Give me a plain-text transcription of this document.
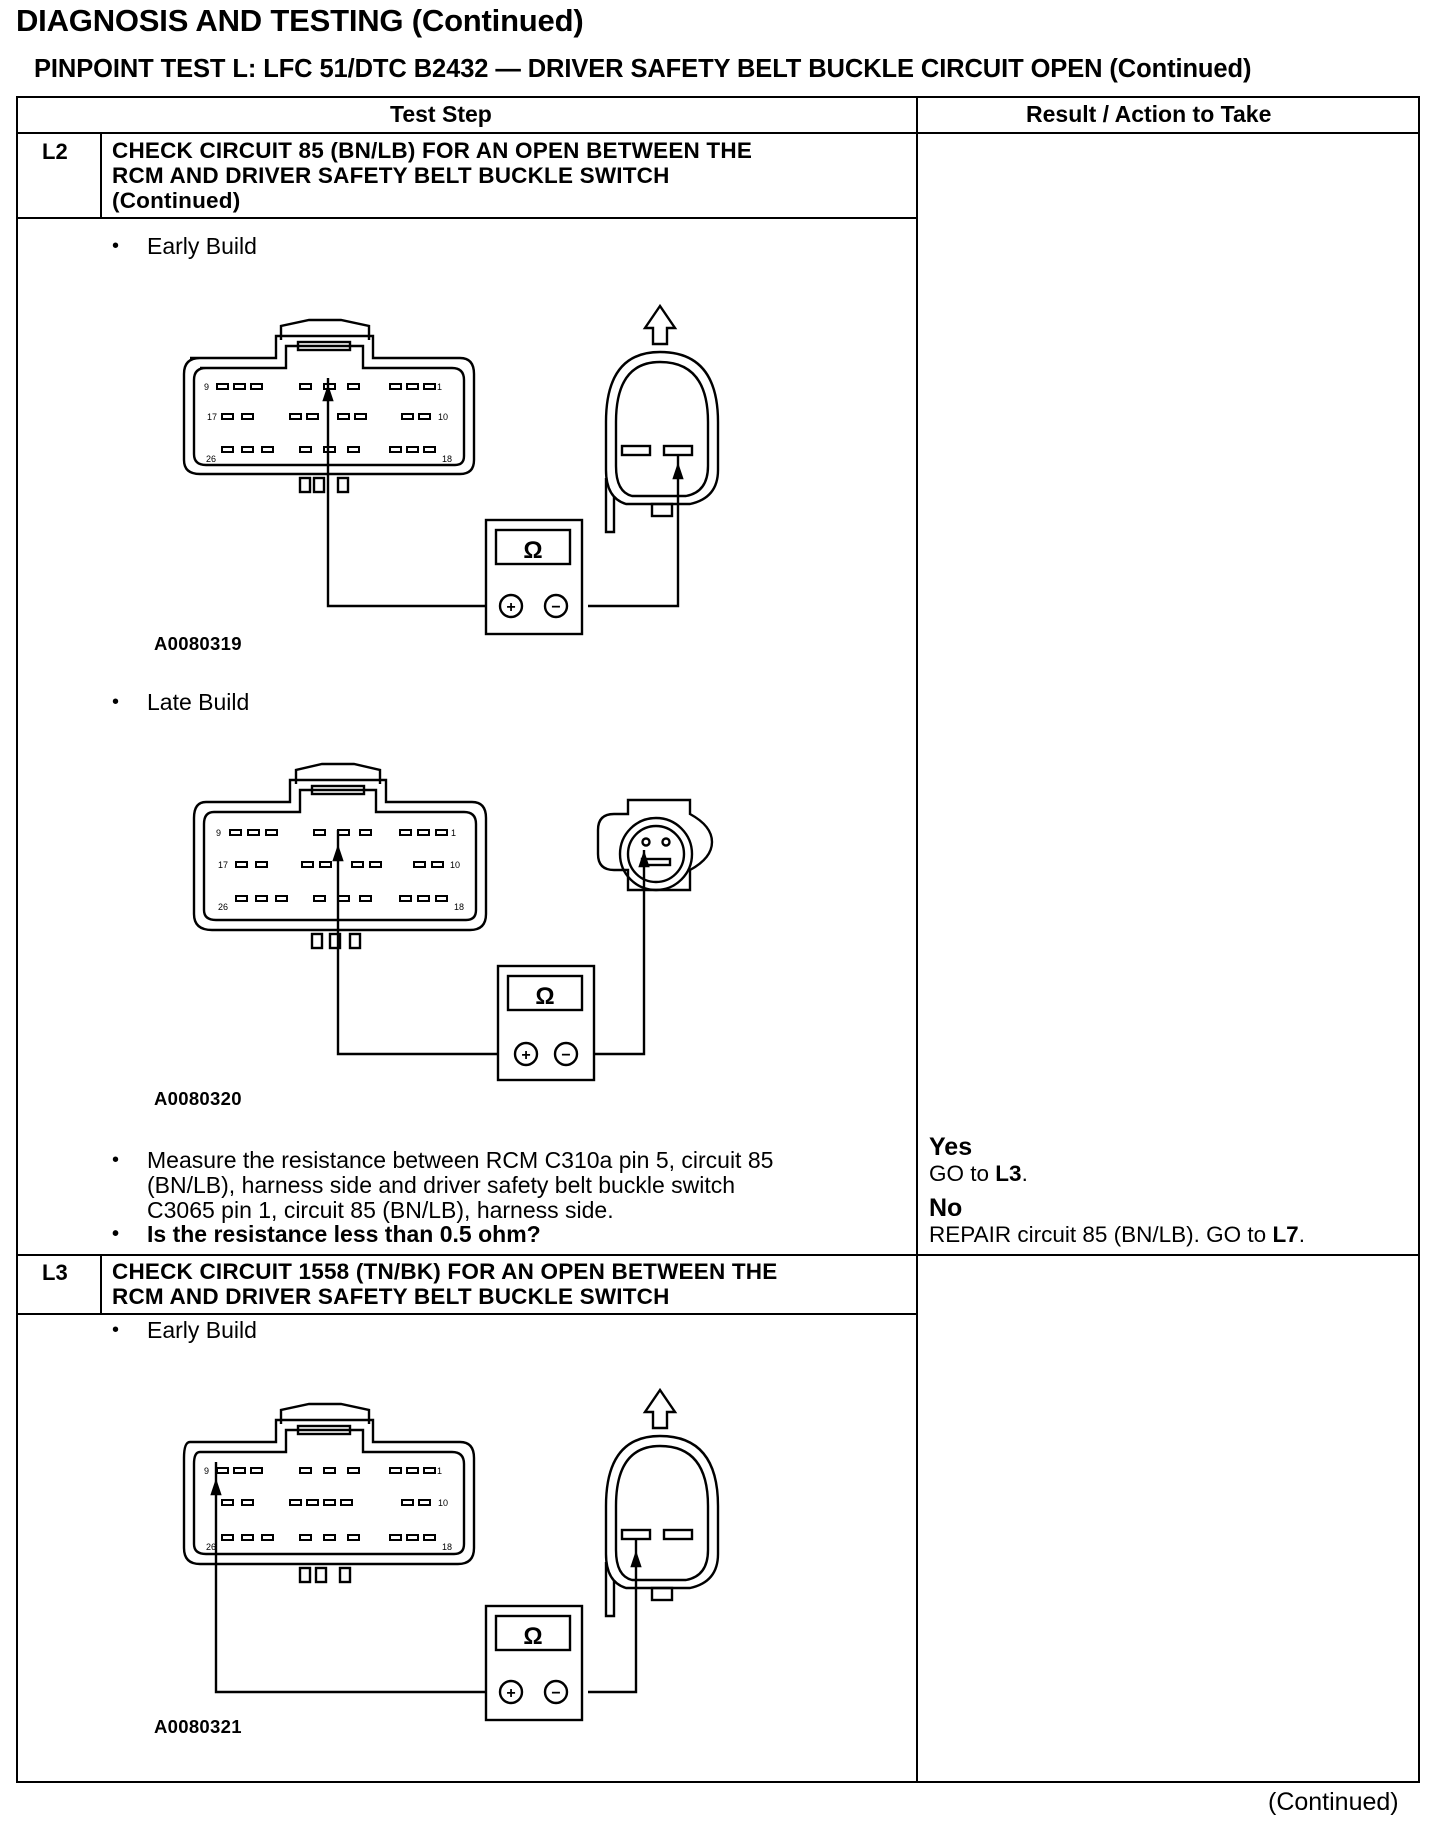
DIAGNOSIS AND TESTING (Continued)
PINPOINT TEST L: LFC 51/DTC B2432 — DRIVER SAFETY BELT BUCKLE CIRCUIT OPEN (Continued)
Test Step	Result / Action to Take
L2 CHECK CIRCUIT 85 (BN/LB) FOR AN OPEN BETWEEN THE
RCM AND DRIVER SAFETY BELT BUCKLE SWITCH
(Continued)
• Early Build
9	1
17	10
26	18
Ω
+ −
A0080319
• Late Build
9	1
17	10
26	18
Ω
+ −
A0080320
• Measure the resistance between RCM C310a pin 5, circuit 85
(BN/LB), harness side and driver safety belt buckle switch
C3065 pin 1, circuit 85 (BN/LB), harness side.
• Is the resistance less than 0.5 ohm?
Yes
GO to L3.
No
REPAIR circuit 85 (BN/LB). GO to L7.
L3 CHECK CIRCUIT 1558 (TN/BK) FOR AN OPEN BETWEEN THE
RCM AND DRIVER SAFETY BELT BUCKLE SWITCH
• Early Build
9	1
10
26	18
Ω
+ −
A0080321
(Continued)
